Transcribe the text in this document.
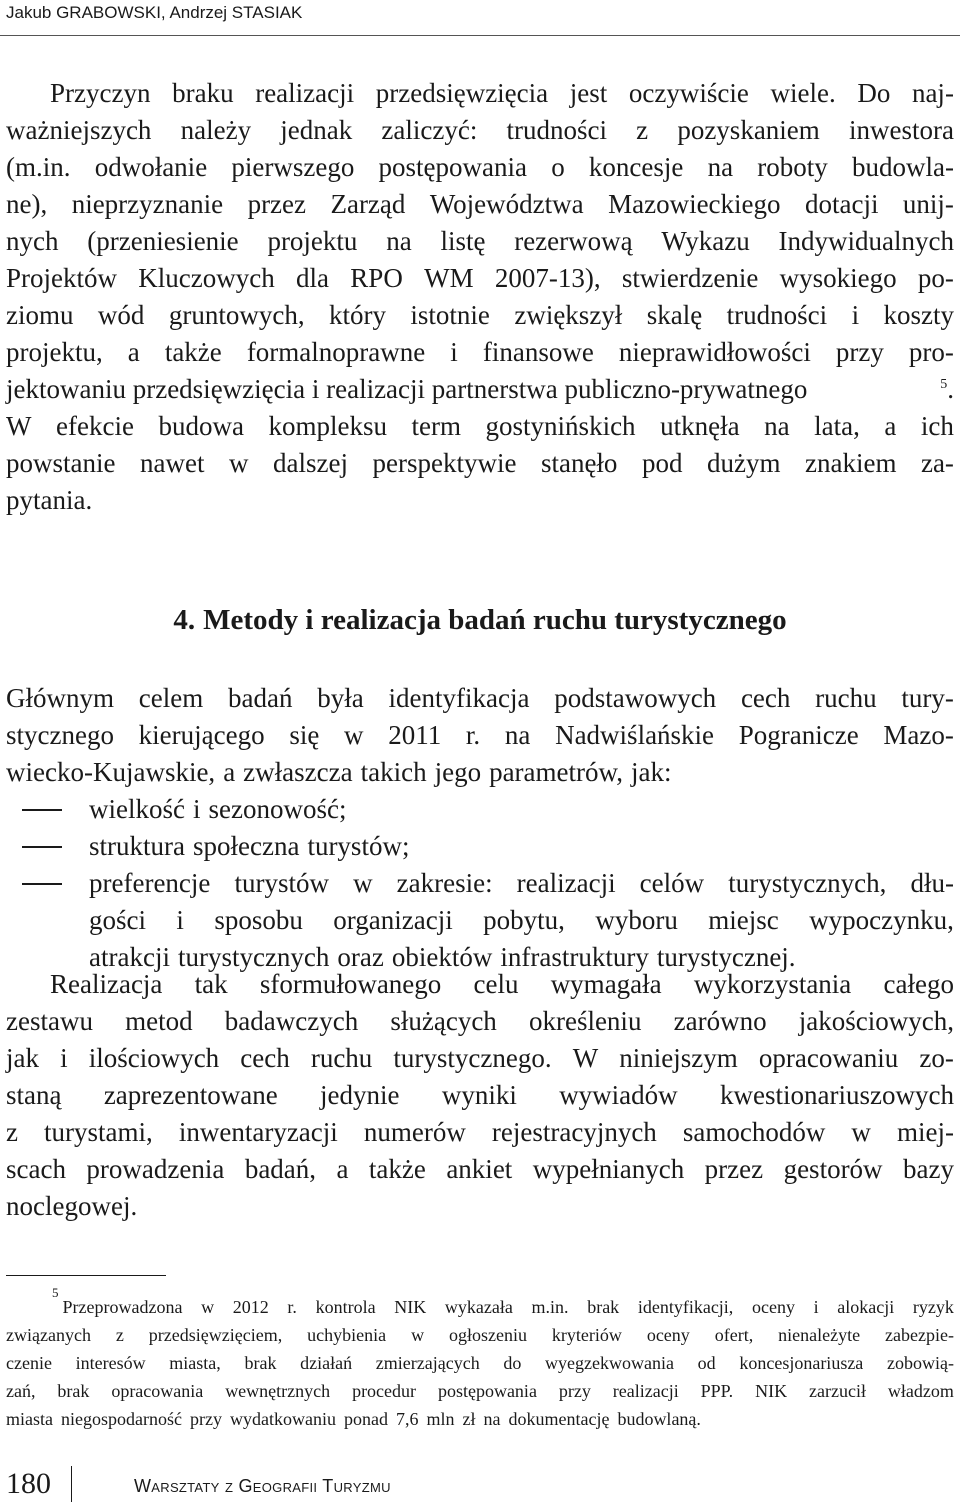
Jakub GRABOWSKI, Andrzej STASIAK
Przyczyn braku realizacji przedsięwzięcia jest oczywiście wiele. Do naj-
ważniejszych należy jednak zaliczyć: trudności z pozyskaniem inwestora
(m.in. odwołanie pierwszego postępowania o koncesje na roboty budowla-
ne), nieprzyznanie przez Zarząd Województwa Mazowieckiego dotacji unij-
nych (przeniesienie projektu na listę rezerwową Wykazu Indywidualnych
Projektów Kluczowych dla RPO WM 2007-13), stwierdzenie wysokiego po-
ziomu wód gruntowych, który istotnie zwiększył skalę trudności i koszty
projektu, a także formalnoprawne i finansowe nieprawidłowości przy pro-
jektowaniu przedsięwzięcia i realizacji partnerstwa publiczno-prywatnego	$^5$.
W efekcie budowa kompleksu term gostynińskich utknęła na lata, a ich
powstanie nawet w dalszej perspektywie stanęło pod dużym znakiem za-
pytania.
4. Metody i realizacja badań ruchu turystycznego
Głównym celem badań była identyfikacja podstawowych cech ruchu tury-
stycznego kierującego się w 2011 r. na Nadwiślańskie Pogranicze Mazo-
wiecko-Kujawskie, a zwłaszcza takich jego parametrów, jak:
wielkość i sezonowość;
struktura społeczna turystów;
preferencje turystów w zakresie: realizacji celów turystycznych, dłu-
gości i sposobu organizacji pobytu, wyboru miejsc wypoczynku,
atrakcji turystycznych oraz obiektów infrastruktury turystycznej.
Realizacja tak sformułowanego celu wymagała wykorzystania całego
zestawu metod badawczych służących określeniu zarówno jakościowych,
jak i ilościowych cech ruchu turystycznego. W niniejszym opracowaniu zo-
staną zaprezentowane jedynie wyniki wywiadów kwestionariuszowych
z turystami, inwentaryzacji numerów rejestracyjnych samochodów w miej-
scach prowadzenia badań, a także ankiet wypełnianych przez gestorów bazy
noclegowej.
5
Przeprowadzona w 2012 r. kontrola NIK wykazała m.in. brak identyfikacji, oceny i alokacji ryzyk
związanych z przedsięwzięciem, uchybienia w ogłoszeniu kryteriów oceny ofert, nienależyte zabezpie-
czenie interesów miasta, brak działań zmierzających do wyegzekwowania od koncesjonariusza zobowią-
zań, brak opracowania wewnętrznych procedur postępowania przy realizacji PPP. NIK zarzucił władzom
miasta niegospodarność przy wydatkowaniu ponad 7,6 mln zł na dokumentację budowlaną.
180	Warsztaty z Geografii Turyzmu
